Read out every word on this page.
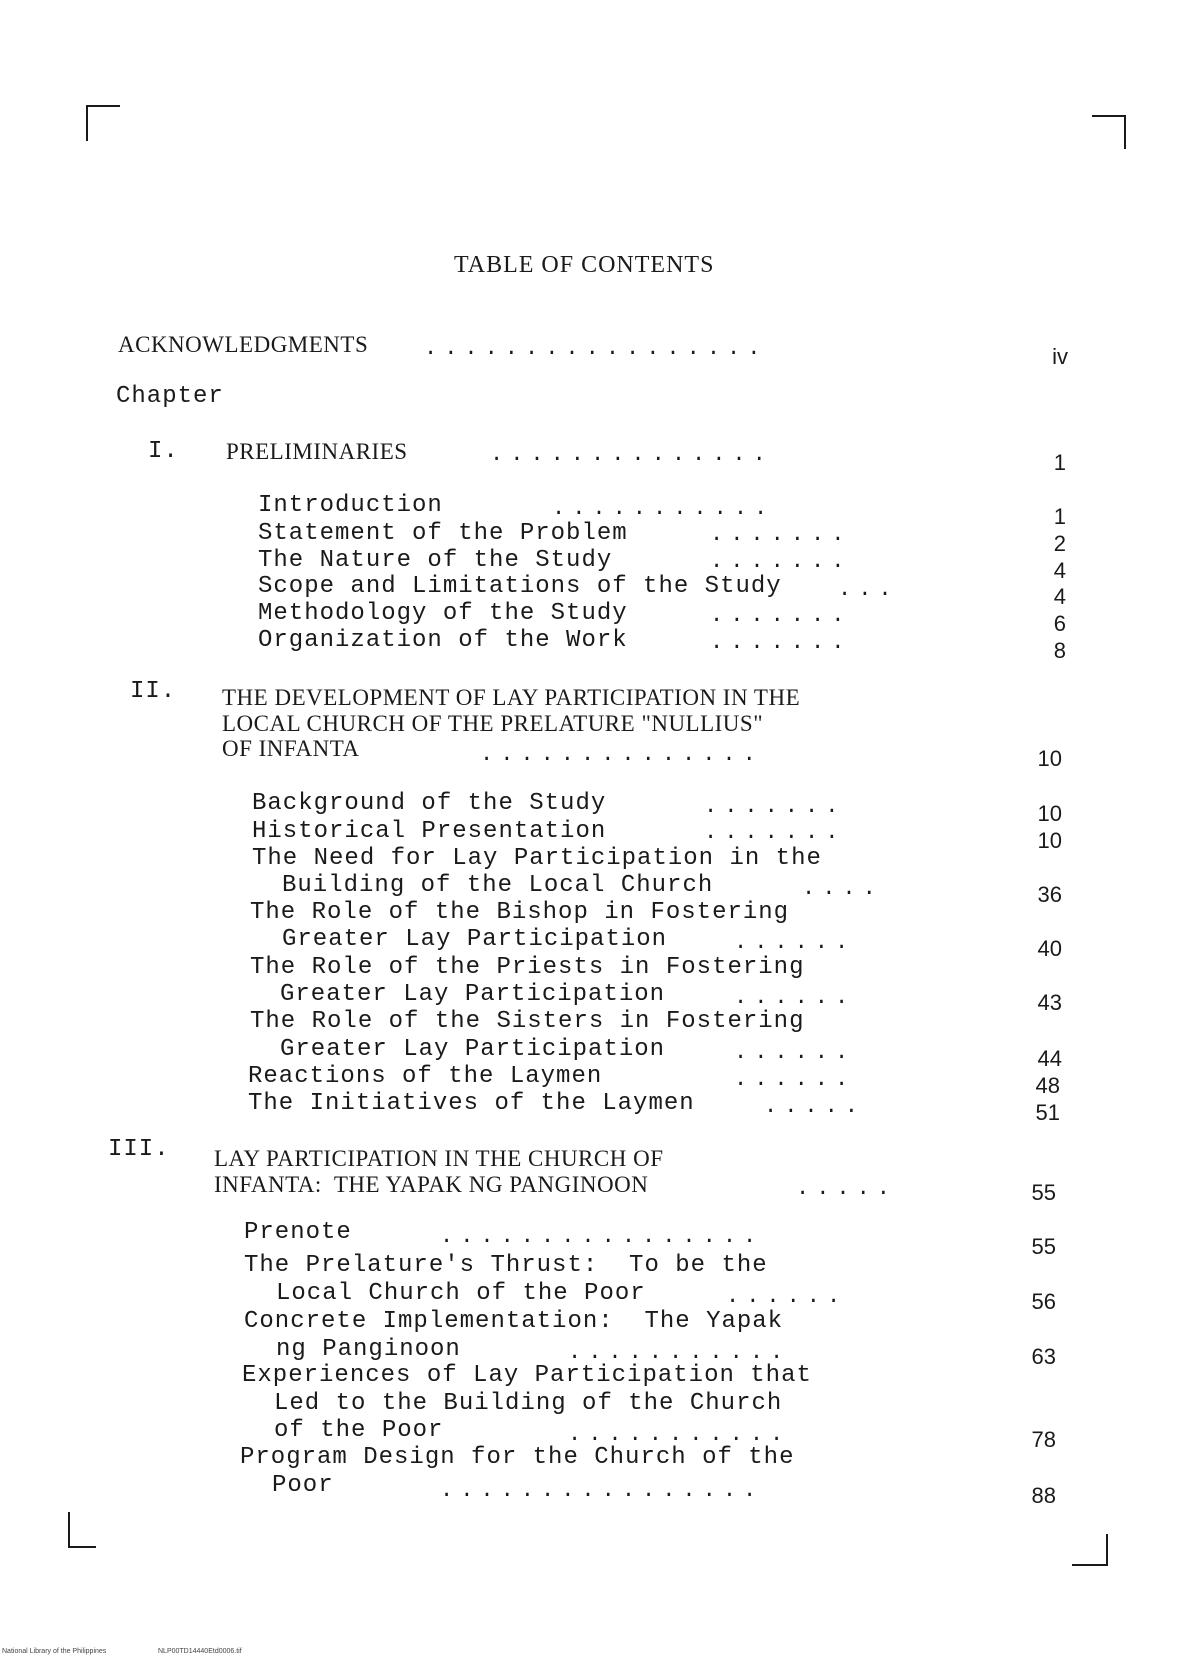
TABLE OF CONTENTS
ACKNOWLEDGMENTS	.................	iv
Chapter
I. PRELIMINARIES	..............	1
Introduction	...........	1
Statement of the Problem	.......	2
The Nature of the Study	.......	4
Scope and Limitations of the Study	...	4
Methodology of the Study	.......	6
Organization of the Work	.......	8
II. THE DEVELOPMENT OF LAY PARTICIPATION IN THE
LOCAL CHURCH OF THE PRELATURE "NULLIUS"
OF INFANTA	..............	10
Background of the Study	.......	10
Historical Presentation	.......	10
The Need for Lay Participation in the
Building of the Local Church	....	36
The Role of the Bishop in Fostering
Greater Lay Participation	......	40
The Role of the Priests in Fostering
Greater Lay Participation	......	43
The Role of the Sisters in Fostering
Greater Lay Participation	......	44
Reactions of the Laymen	......	48
The Initiatives of the Laymen	.....	51
III. LAY PARTICIPATION IN THE CHURCH OF
INFANTA:  THE YAPAK NG PANGINOON	.....	55
Prenote	................	55
The Prelature's Thrust:  To be the
Local Church of the Poor	......	56
Concrete Implementation:  The Yapak
ng Panginoon	...........	63
Experiences of Lay Participation that
Led to the Building of the Church
of the Poor	...........	78
Program Design for the Church of the
Poor	................	88
National Library of the Philippines	NLP00TD14440Etd0006.tif
